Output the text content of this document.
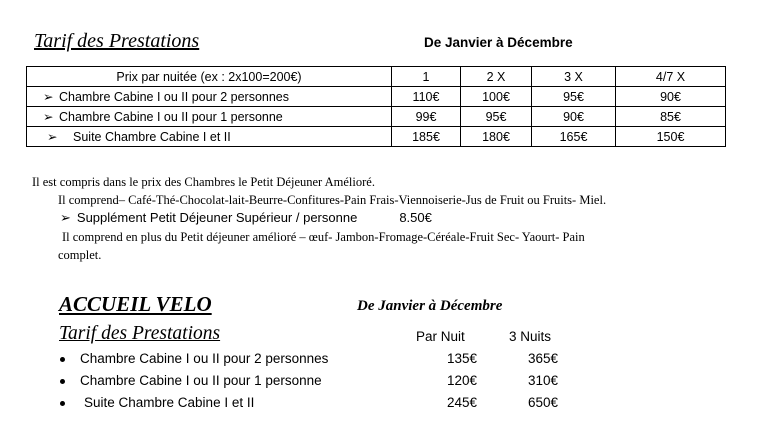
Tarif des Prestations	De Janvier à Décembre
Prix par nuitée (ex : 2x100=200€)	1	2 X	3 X	4/7 X
➢ Chambre Cabine I ou II pour 2 personnes	110€	100€	95€	90€
➢ Chambre Cabine I ou II pour 1 personne	99€	95€	90€	85€
➢ Suite Chambre Cabine I et II	185€	180€	165€	150€
Il est compris dans le prix des Chambres le Petit Déjeuner Amélioré.
Il comprend– Café-Thé-Chocolat-lait-Beurre-Confitures-Pain Frais-Viennoiserie-Jus de Fruit ou Fruits- Miel.
➢ Supplément Petit Déjeuner Supérieur / personne	8.50€
Il comprend en plus du Petit déjeuner amélioré – œuf- Jambon-Fromage-Céréale-Fruit Sec- Yaourt- Pain
complet.
ACCUEIL VELO	De Janvier à Décembre
Tarif des Prestations	Par Nuit	3 Nuits
Chambre Cabine I ou II pour 2 personnes	135€	365€
Chambre Cabine I ou II pour 1 personne	120€	310€
Suite Chambre Cabine I et II	245€	650€
